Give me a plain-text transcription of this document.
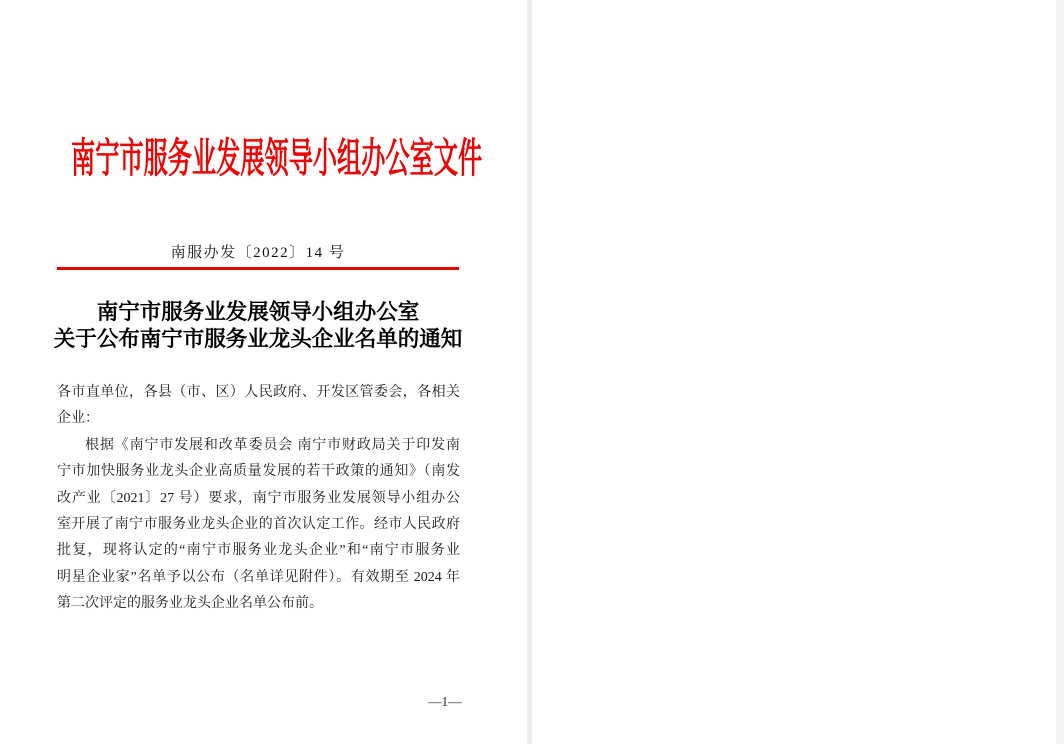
南宁市服务业发展领导小组办公室文件
南服办发〔2022〕14 号
南宁市服务业发展领导小组办公室
关于公布南宁市服务业龙头企业名单的通知
各市直单位，各县（市、区）人民政府、开发区管委会，各相关
企业：
根据《南宁市发展和改革委员会 南宁市财政局关于印发南
宁市加快服务业龙头企业高质量发展的若干政策的通知》（南发
改产业〔2021〕27 号）要求，南宁市服务业发展领导小组办公
室开展了南宁市服务业龙头企业的首次认定工作。经市人民政府
批复，现将认定的“南宁市服务业龙头企业”和“南宁市服务业
明星企业家”名单予以公布（名单详见附件）。有效期至 2024 年
第二次评定的服务业龙头企业名单公布前。
—1—
